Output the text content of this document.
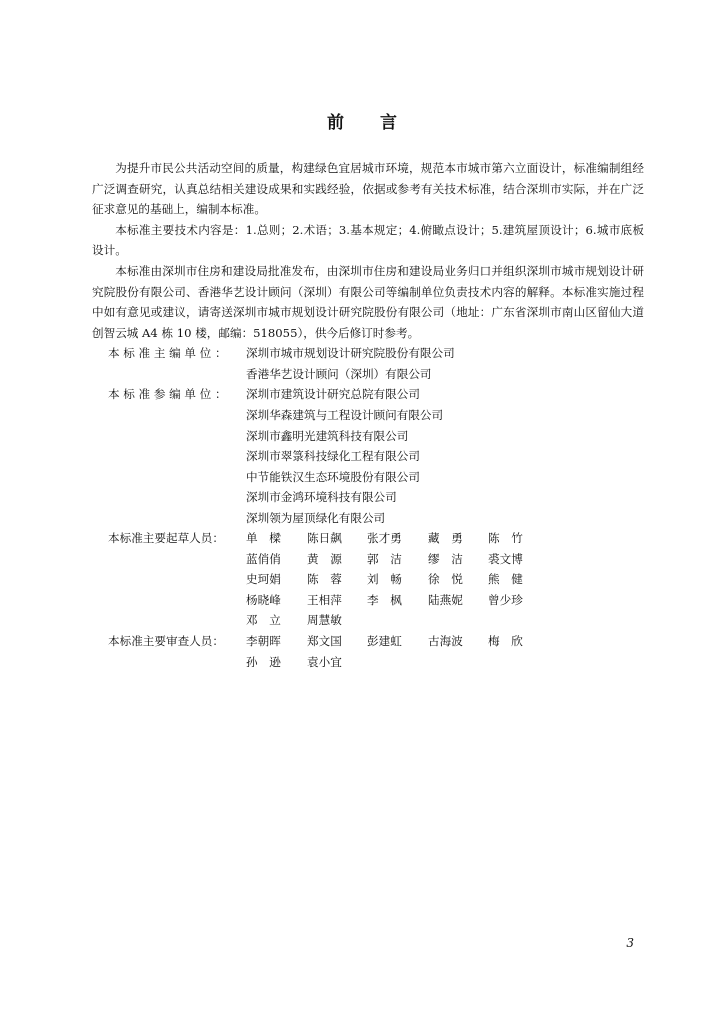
前 言

为提升市民公共活动空间的质量，构建绿色宜居城市环境，规范本市城市第六立面设计，标准编制组经广泛调查研究，认真总结相关建设成果和实践经验，依据或参考有关技术标准，结合深圳市实际，并在广泛征求意见的基础上，编制本标准。

本标准主要技术内容是：1.总则；2.术语；3.基本规定；4.俯瞰点设计；5.建筑屋顶设计；6.城市底板设计。

本标准由深圳市住房和建设局批准发布，由深圳市住房和建设局业务归口并组织深圳市城市规划设计研究院股份有限公司、香港华艺设计顾问（深圳）有限公司等编制单位负责技术内容的解释。本标准实施过程中如有意见或建议，请寄送深圳市城市规划设计研究院股份有限公司（地址：广东省深圳市南山区留仙大道创智云城 A4 栋 10 楼，邮编：518055），供今后修订时参考。

本 标 准 主 编 单 位 ： 深圳市城市规划设计研究院股份有限公司
香港华艺设计顾问（深圳）有限公司
本 标 准 参 编 单 位 ： 深圳市建筑设计研究总院有限公司
深圳华森建筑与工程设计顾问有限公司
深圳市鑫明光建筑科技有限公司
深圳市翠箓科技绿化工程有限公司
中节能铁汉生态环境股份有限公司
深圳市金鸿环境科技有限公司
深圳领为屋顶绿化有限公司
本标准主要起草人员： 单　樑 陈日飙 张才勇 藏　勇 陈　竹
蓝俏俏 黄　源 郭　洁 缪　洁 裘文博
史珂娟 陈　蓉 刘　畅 徐　悦 熊　健
杨晓峰 王相萍 李　枫 陆燕妮 曾少珍
邓　立 周慧敏
本标准主要审查人员： 李朝晖 郑文国 彭建虹 古海波 梅　欣
孙　逊 袁小宜
3
